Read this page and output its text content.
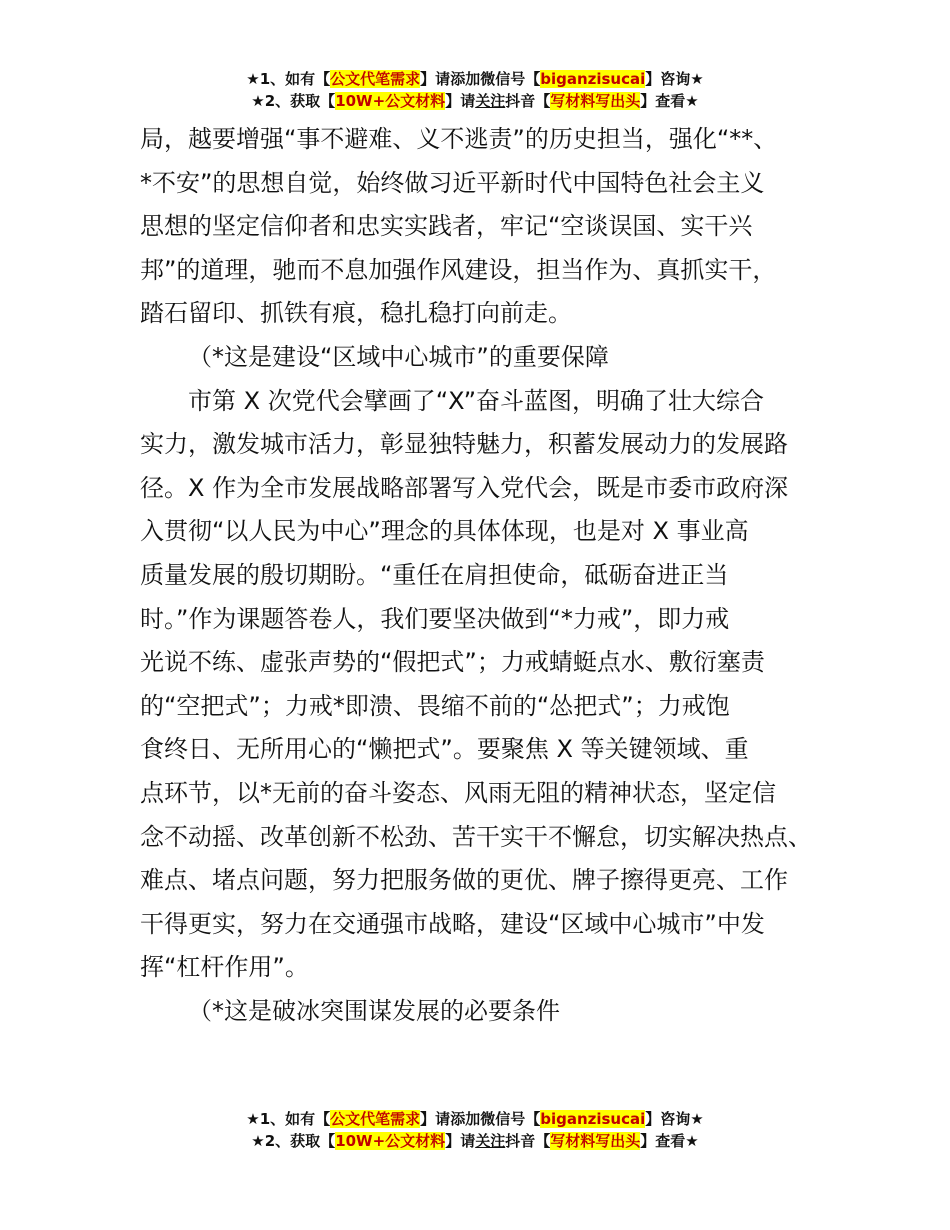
★1、如有【公文代笔需求】请添加微信号【biganzisucai】咨询★
★2、获取【10W+公文材料】请关注抖音【写材料写出头】查看★
局，越要增强“事不避难、义不逃责”的历史担当，强化“**、
*不安”的思想自觉，始终做习近平新时代中国特色社会主义
思想的坚定信仰者和忠实实践者，牢记“空谈误国、实干兴
邦”的道理，驰而不息加强作风建设，担当作为、真抓实干，
踏石留印、抓铁有痕，稳扎稳打向前走。
（*这是建设“区域中心城市”的重要保障
市第 X 次党代会擘画了“X”奋斗蓝图，明确了壮大综合
实力，激发城市活力，彰显独特魅力，积蓄发展动力的发展路
径。X 作为全市发展战略部署写入党代会，既是市委市政府深
入贯彻“以人民为中心”理念的具体体现，也是对 X 事业高
质量发展的殷切期盼。“重任在肩担使命，砥砺奋进正当
时。”作为课题答卷人，我们要坚决做到“*力戒”，即力戒
光说不练、虚张声势的“假把式”；力戒蜻蜓点水、敷衍塞责
的“空把式”；力戒*即溃、畏缩不前的“怂把式”；力戒饱
食终日、无所用心的“懒把式”。要聚焦 X 等关键领域、重
点环节，以*无前的奋斗姿态、风雨无阻的精神状态，坚定信
念不动摇、改革创新不松劲、苦干实干不懈怠，切实解决热点、
难点、堵点问题，努力把服务做的更优、牌子擦得更亮、工作
干得更实，努力在交通强市战略，建设“区域中心城市”中发
挥“杠杆作用”。
（*这是破冰突围谋发展的必要条件
★1、如有【公文代笔需求】请添加微信号【biganzisucai】咨询★
★2、获取【10W+公文材料】请关注抖音【写材料写出头】查看★
